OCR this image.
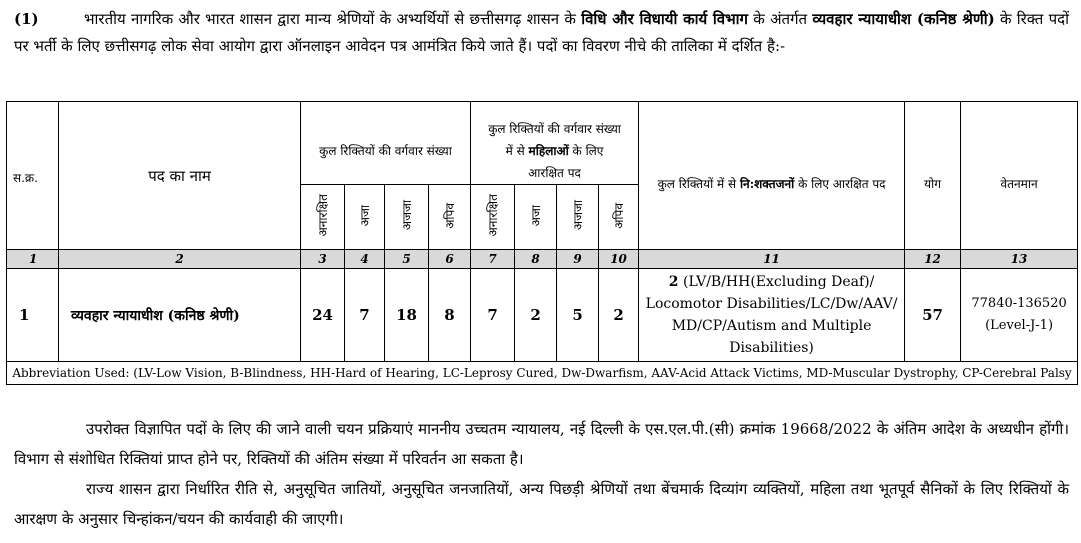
(1)	भारतीय नागरिक और भारत शासन द्वारा मान्य श्रेणियों के अभ्यर्थियों से छत्तीसगढ़ शासन के विधि और विधायी कार्य विभाग के अंतर्गत व्यवहार न्यायाधीश (कनिष्ठ श्रेणी) के रिक्त पदों पर भर्ती के लिए छत्तीसगढ़ लोक सेवा आयोग द्वारा ऑनलाइन आवेदन पत्र आमंत्रित किये जाते हैं। पदों का विवरण नीचे की तालिका में दर्शित है:-

स.क्र.	पद का नाम	कुल रिक्तियों की वर्गवार संख्या				कुल रिक्तियों की वर्गवार संख्या
में से महिलाओं के लिए
आरक्षित पद				कुल रिक्तियों में से नि:शक्तजनों के लिए आरक्षित पद	योग	वेतनमान
		अनारक्षित	अजा	अजजा	अपिव	अनारक्षित	अजा	अजजा	अपिव			
1	2	3	4	5	6	7	8	9	10	11	12	13
1	व्यवहार न्यायाधीश (कनिष्ठ श्रेणी)	24	7	18	8	7	2	5	2	2 (LV/B/HH(Excluding Deaf)/
Locomotor Disabilities/LC/Dw/AAV/
MD/CP/Autism and Multiple
Disabilities)	57	77840-136520
(Level-J-1)
Abbreviation Used: (LV-Low Vision, B-Blindness, HH-Hard of Hearing, LC-Leprosy Cured, Dw-Dwarfism, AAV-Acid Attack Victims, MD-Muscular Dystrophy, CP-Cerebral Palsy												

उपरोक्त विज्ञापित पदों के लिए की जाने वाली चयन प्रक्रियाएं माननीय उच्चतम न्यायालय, नई दिल्ली के एस.एल.पी.(सी) क्रमांक 19668/2022 के अंतिम आदेश के अध्यधीन होंगी। विभाग से संशोधित रिक्तियां प्राप्त होने पर, रिक्तियों की अंतिम संख्या में परिवर्तन आ सकता है।

राज्य शासन द्वारा निर्धारित रीति से, अनुसूचित जातियों, अनुसूचित जनजातियों, अन्य पिछड़ी श्रेणियों तथा बेंचमार्क दिव्यांग व्यक्तियों, महिला तथा भूतपूर्व सैनिकों के लिए रिक्तियों के आरक्षण के अनुसार चिन्हांकन/चयन की कार्यवाही की जाएगी।
